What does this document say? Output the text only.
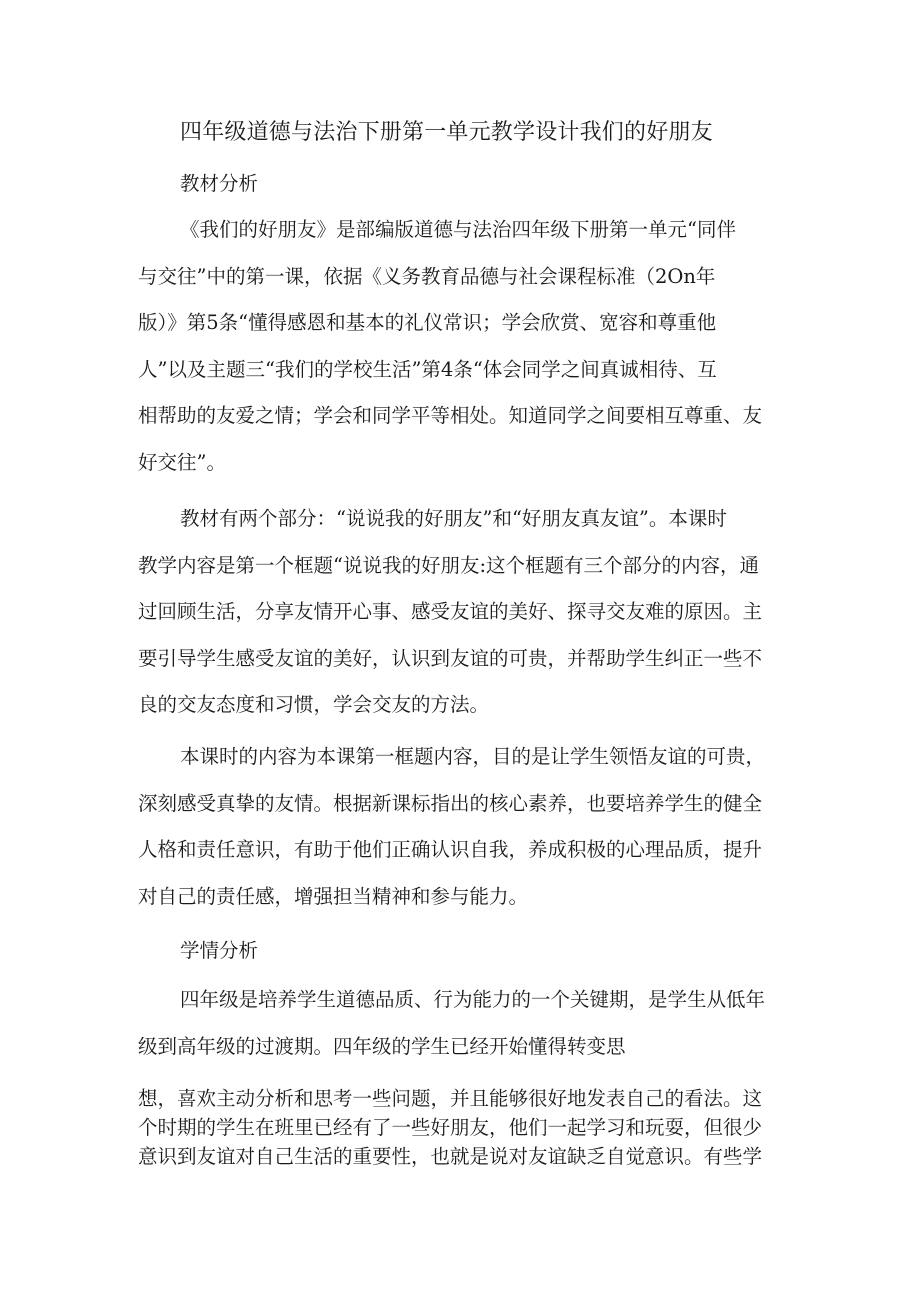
四年级道德与法治下册第一单元教学设计我们的好朋友
教材分析
《我们的好朋友》是部编版道德与法治四年级下册第一单元“同伴
与交往”中的第一课，依据《义务教育品德与社会课程标准（2On年
版）》第5条“懂得感恩和基本的礼仪常识；学会欣赏、宽容和尊重他
人”以及主题三“我们的学校生活”第4条“体会同学之间真诚相待、互
相帮助的友爱之情；学会和同学平等相处。知道同学之间要相互尊重、友
好交往”。
教材有两个部分：“说说我的好朋友”和“好朋友真友谊”。本课时
教学内容是第一个框题“说说我的好朋友:这个框题有三个部分的内容，通
过回顾生活，分享友情开心事、感受友谊的美好、探寻交友难的原因。主
要引导学生感受友谊的美好，认识到友谊的可贵，并帮助学生纠正一些不
良的交友态度和习惯，学会交友的方法。
本课时的内容为本课第一框题内容，目的是让学生领悟友谊的可贵，
深刻感受真挚的友情。根据新课标指出的核心素养，也要培养学生的健全
人格和责任意识，有助于他们正确认识自我，养成积极的心理品质，提升
对自己的责任感，增强担当精神和参与能力。
学情分析
四年级是培养学生道德品质、行为能力的一个关键期，是学生从低年
级到高年级的过渡期。四年级的学生已经开始懂得转变思
想，喜欢主动分析和思考一些问题，并且能够很好地发表自己的看法。这
个时期的学生在班里已经有了一些好朋友，他们一起学习和玩耍，但很少
意识到友谊对自己生活的重要性，也就是说对友谊缺乏自觉意识。有些学
